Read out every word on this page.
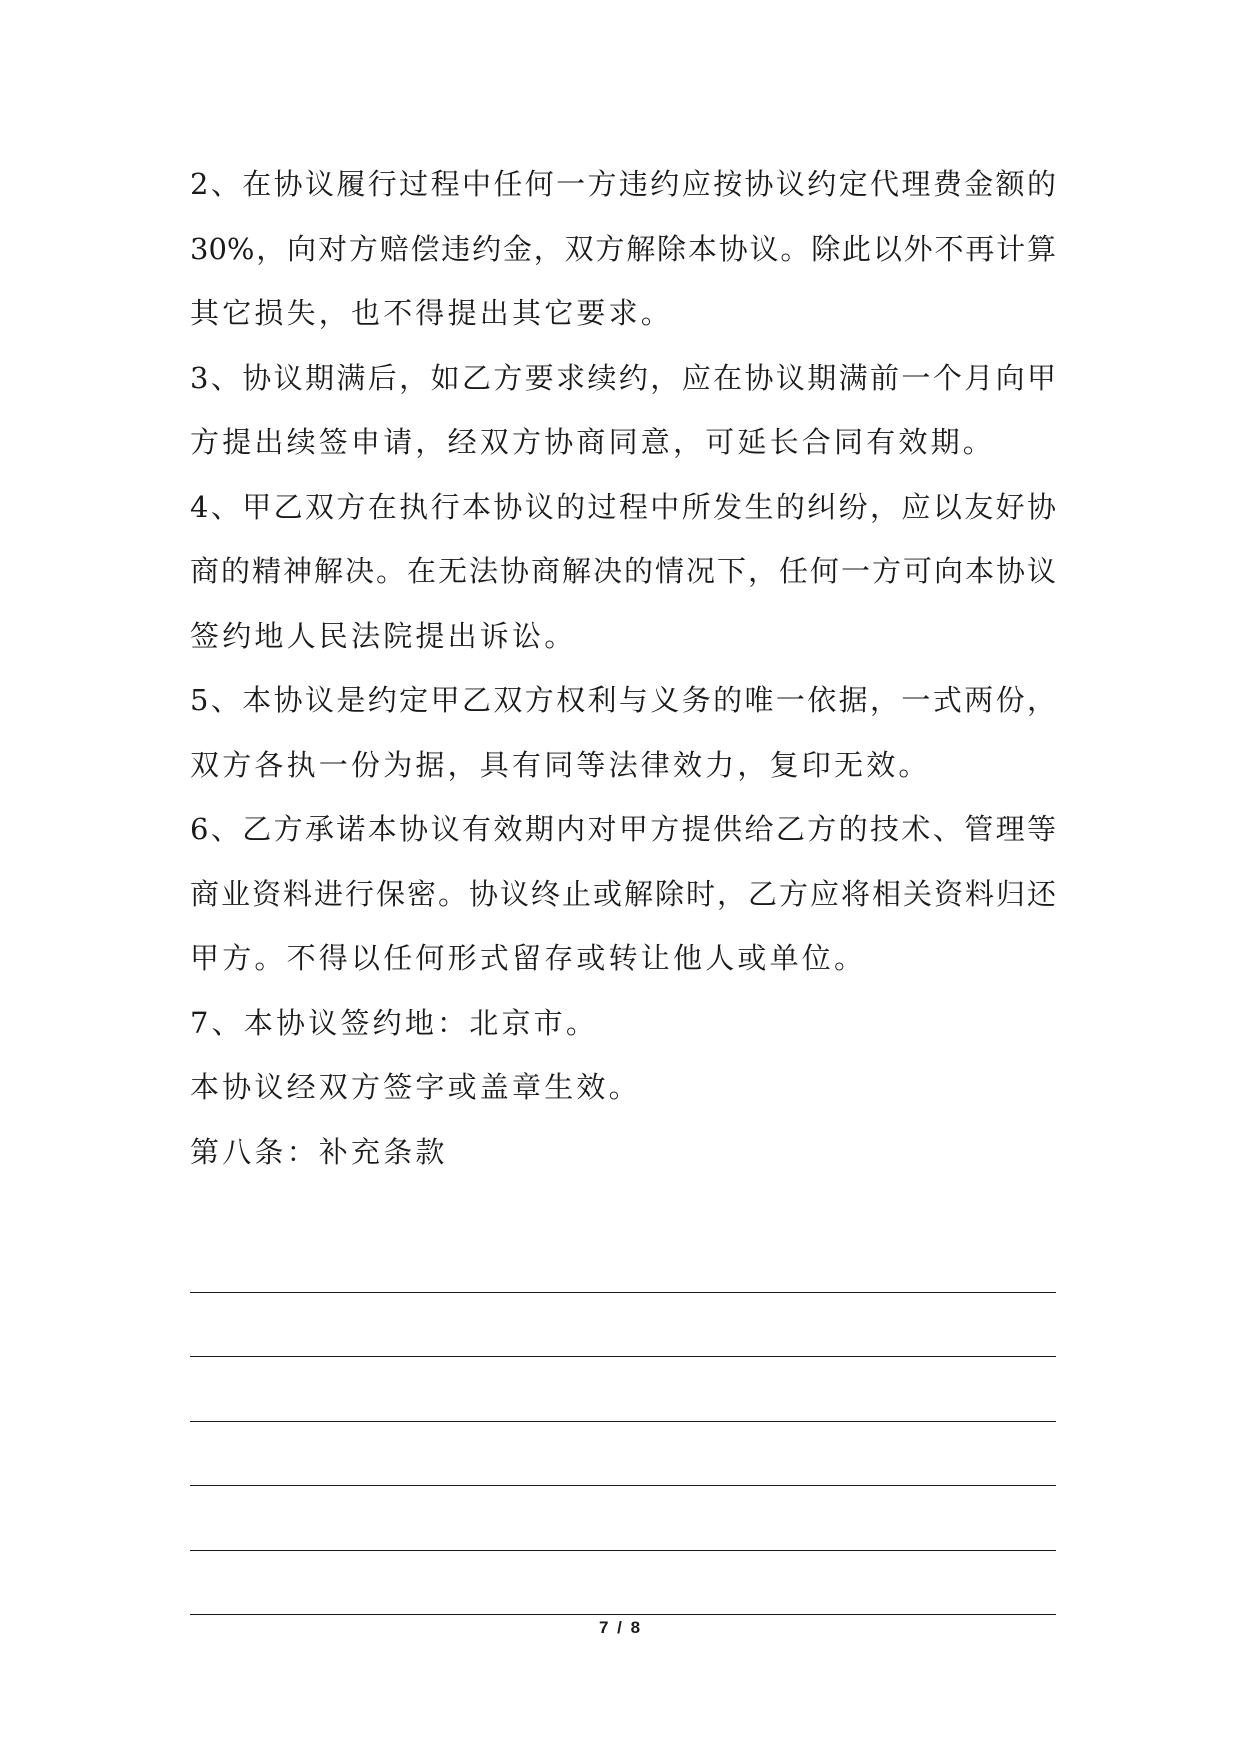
2、在协议履行过程中任何一方违约应按协议约定代理费金额的
30%，向对方赔偿违约金，双方解除本协议。除此以外不再计算
其它损失，也不得提出其它要求。
3、协议期满后，如乙方要求续约，应在协议期满前一个月向甲
方提出续签申请，经双方协商同意，可延长合同有效期。
4、甲乙双方在执行本协议的过程中所发生的纠纷，应以友好协
商的精神解决。在无法协商解决的情况下，任何一方可向本协议
签约地人民法院提出诉讼。
5、本协议是约定甲乙双方权利与义务的唯一依据，一式两份，
双方各执一份为据，具有同等法律效力，复印无效。
6、乙方承诺本协议有效期内对甲方提供给乙方的技术、管理等
商业资料进行保密。协议终止或解除时，乙方应将相关资料归还
甲方。不得以任何形式留存或转让他人或单位。
7、本协议签约地：北京市。
本协议经双方签字或盖章生效。
第八条：补充条款
7 / 8
